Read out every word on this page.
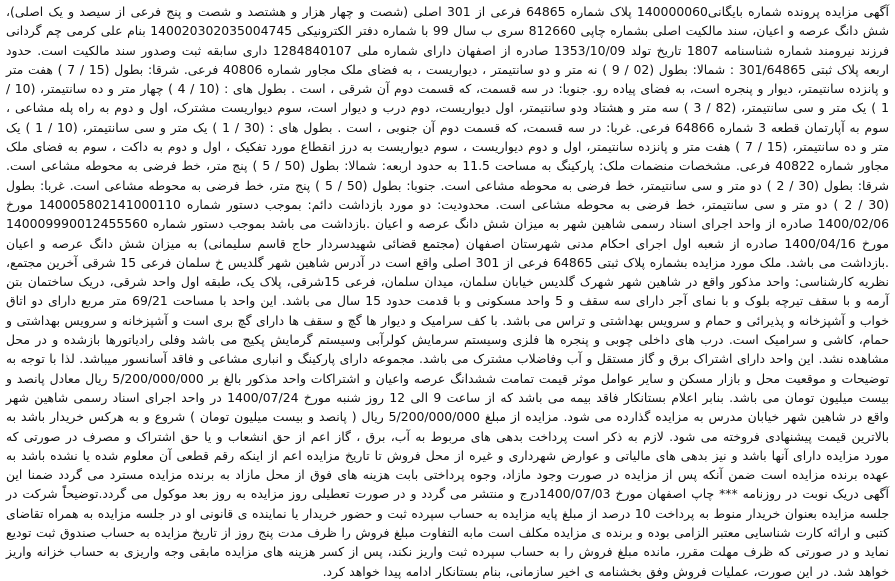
آگهی مزایده پرونده شماره بایگانی140000060 پلاک شماره 64865 فرعی از 301 اصلی (شصت و چهار هزار و هشتصد و شصت و پنج فرعی از سیصد و یک اصلی)، شش دانگ عرصه و اعیان، سند مالکیت اصلی بشماره چاپی 812660 سری ب سال 99 با شماره دفتر الکترونیکی 140020302035004745 بنام علی کرمی چم گردانی فرزند نیرومند شماره شناسنامه 1807 تاریخ تولد 1353/10/09 صادره از اصفهان دارای شماره ملی 1284840107 داری سابقه ثبت وصدور سند مالکیت است. حدود اربعه پلاک ثبتی 301/64865 : شمالا: بطول (02 / 9 ) نه متر و دو سانتیمتر ، دیواریست ، به فضای ملک مجاور شماره 40806 فرعی. شرقا: بطول (15 / 7 ) هفت متر و پانزده سانتیمتر، دیوار و پنجره است، به فضای پیاده رو. جنوبا: در سه قسمت، که قسمت دوم آن شرقی ، است . بطول های : (10 / 4 ) چهار متر و ده سانتیمتر، (10 / 1 ) یک متر و سی سانتیمتر، (82 / 3 ) سه متر و هشتاد ودو سانتیمتر، اول دیواریست، دوم درب و دیوار است، سوم دیواریست مشترک، اول و دوم به راه پله مشاعی ، سوم به آپارتمان قطعه 3 شماره 64866 فرعی. غربا: در سه قسمت، که قسمت دوم آن جنوبی ، است . بطول های : (30 / 1 ) یک متر و سی سانتیمتر، (10 / 1 ) یک متر و ده سانتیمتر، (15 / 7 ) هفت متر و پانزده سانتیمتر، اول و دوم دیواریست ، سوم دیواریست به درز انقطاع مورد تفکیک ، اول و دوم به داکت ، سوم به فضای ملک مجاور شماره 40822 فرعی. مشخصات منضمات ملک: پارکینگ به مساحت 11.5 به حدود اربعه: شمالا: بطول (50 / 5 ) پنج متر، خط فرضی به محوطه مشاعی است. شرقا: بطول (30 / 2 ) دو متر و سی سانتیمتر، خط فرضی به محوطه مشاعی است. جنوبا: بطول (50 / 5 ) پنج متر، خط فرضی به محوطه مشاعی است. غربا: بطول (30 / 2 ) دو متر و سی سانتیمتر، خط فرضی به محوطه مشاعی است. محدودیت: دو مورد بازداشت دائم: بموجب دستور شماره 140005802141000110 مورخ 1400/02/06 صادره از واحد اجرای اسناد رسمی شاهین شهر به میزان شش دانگ عرصه و اعیان .بازداشت می باشد بموجب دستور شماره 140009990012455560 مورخ 1400/04/16 صادره از شعبه اول اجرای احکام مدنی شهرستان اصفهان (مجتمع قضائی شهیدسردار حاج قاسم سلیمانی) به میزان شش دانگ عرصه و اعیان .بازداشت می باشد. ملک مورد مزایده بشماره پلاک ثبتی 64865 فرعی از 301 اصلی واقع است در آدرس شاهین شهر گلدیس خ سلمان فرعی 15 شرقی آخرین مجتمع، نظریه کارشناسی: واحد مذکور واقع در شاهین شهر شهرک گلدیس خیابان سلمان، میدان سلمان، فرعی 15شرقی، پلاک یک، طبقه اول واحد شرقی، دریک ساختمان بتن آرمه و با سقف تیرچه بلوک و با نمای آجر دارای سه سقف و 5 واحد مسکونی و با قدمت حدود 15 سال می باشد. این واحد با مساحت 69/21 متر مربع دارای دو اتاق خواب و آشپزخانه و پذیرائی و حمام و سرویس بهداشتی و تراس می باشد. با کف سرامیک و دیوار ها گچ و سقف ها دارای گچ بری است و آشپزخانه و سرویس بهداشتی و حمام، کاشی و سرامیک است. درب های داخلی چوبی و پنجره ها فلزی وسیستم سرمایش کولرآبی وسیستم گرمایش پکیج می باشد وفلی رادیاتورها بازشده و در محل مشاهده نشد. این واحد دارای اشتراک برق و گاز مستقل و آب وفاضلاب مشترک می باشد. مجموعه دارای پارکینگ و انباری مشاعی و فاقد آسانسور میباشد. لذا با توجه به توضیحات و موقعیت محل و بازار مسکن و سایر عوامل موثر قیمت تمامت ششدانگ عرصه واعیان و اشتراکات واحد مذکور بالغ بر 5/200/000/000 ریال معادل پانصد و بیست میلیون تومان می باشد. بنابر اعلام بستانکار فاقد بیمه می باشد که از ساعت 9 الی 12 روز شنبه مورخ 1400/07/24 در واحد اجرای اسناد رسمی شاهین شهر واقع در شاهین شهر خیابان مدرس به مزایده گذارده می شود. مزایده از مبلغ 5/200/000/000 ریال ( پانصد و بیست میلیون تومان ) شروع و به هرکس خریدار باشد به بالاترین قیمت پیشنهادی فروخته می شود. لازم به ذکر است پرداخت بدهی های مربوط به آب، برق ، گاز اعم از حق انشعاب و یا حق اشتراک و مصرف در صورتی که مورد مزایده دارای آنها باشد و نیز بدهی های مالیاتی و عوارض شهرداری و غیره از محل فروش تا تاریخ مزایده اعم از اینکه رقم قطعی آن معلوم شده یا نشده باشد به عهده برنده مزایده است ضمن آنکه پس از مزایده در صورت وجود مازاد، وجوه پرداختی بابت هزینه های فوق از محل مازاد به برنده مزایده مسترد می گردد ضمنا این آگهی دریک نوبت در روزنامه *** چاپ اصفهان مورخ 1400/07/03درج و منتشر می گردد و در صورت تعطیلی روز مزایده به روز بعد موکول می گردد.توضیحاًً شرکت در جلسه مزایده بعنوان خریدار منوط به پرداخت 10 درصد از مبلغ پایه مزایده به حساب سپرده ثبت و حضور خریدار یا نماینده ی قانونی او در جلسه مزایده به همراه تقاضای کتبی و ارائه کارت شناسایی معتبر الزامی بوده و برنده ی مزایده مکلف است مابه التفاوت مبلغ فروش را ظرف مدت پنج روز از تاریخ مزایده به حساب صندوق ثبت تودیع نماید و در صورتی که ظرف مهلت مقرر، مانده مبلغ فروش را به حساب سپرده ثبت واریز نکند، پس از کسر هزینه های مزایده مابقی وجه واریزی به حساب خزانه واریز خواهد شد. در این صورت، عملیات فروش وفق بخشنامه ی اخیر سازمانی، بنام بستانکار ادامه پیدا خواهد کرد.
